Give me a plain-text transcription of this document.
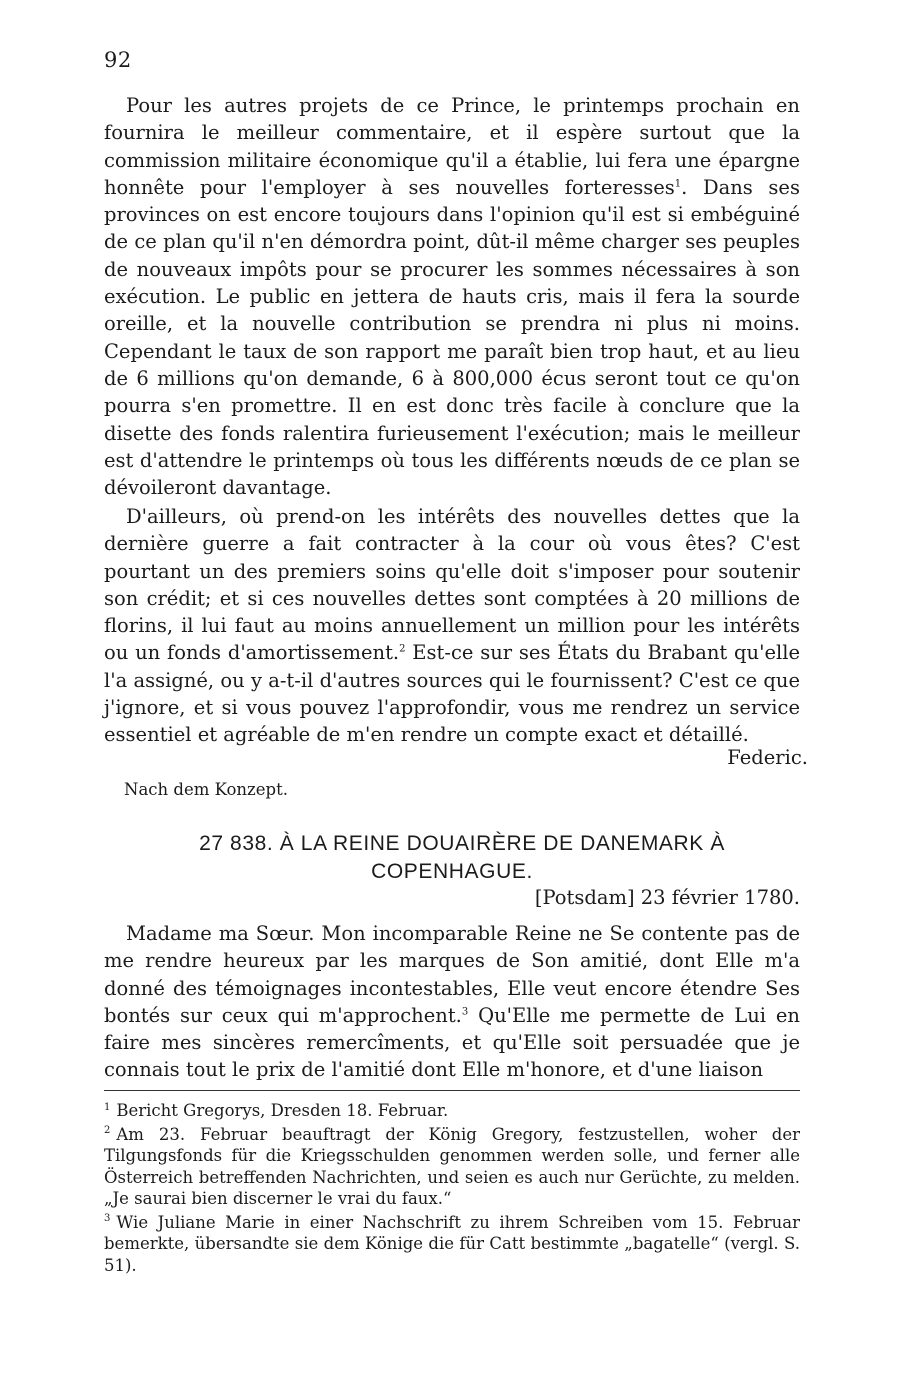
92

Pour les autres projets de ce Prince, le printemps prochain en fournira le meilleur commentaire, et il espère surtout que la commission militaire économique qu'il a établie, lui fera une épargne honnête pour l'employer à ses nouvelles forteresses$^1$. Dans ses provinces on est encore toujours dans l'opinion qu'il est si embéguiné de ce plan qu'il n'en démordra point, dût-il même charger ses peuples de nouveaux impôts pour se procurer les sommes nécessaires à son exécution. Le public en jettera de hauts cris, mais il fera la sourde oreille, et la nouvelle contribution se prendra ni plus ni moins. Cependant le taux de son rapport me paraît bien trop haut, et au lieu de 6 millions qu'on demande, 6 à 800,000 écus seront tout ce qu'on pourra s'en promettre. Il en est donc très facile à conclure que la disette des fonds ralentira furieusement l'exécution; mais le meilleur est d'attendre le printemps où tous les différents nœuds de ce plan se dévoileront davantage.

D'ailleurs, où prend-on les intérêts des nouvelles dettes que la dernière guerre a fait contracter à la cour où vous êtes? C'est pourtant un des premiers soins qu'elle doit s'imposer pour soutenir son crédit; et si ces nouvelles dettes sont comptées à 20 millions de florins, il lui faut au moins annuellement un million pour les intérêts ou un fonds d'amortissement.$^2$ Est-ce sur ses États du Brabant qu'elle l'a assigné, ou y a-t-il d'autres sources qui le fournissent? C'est ce que j'ignore, et si vous pouvez l'approfondir, vous me rendrez un service essentiel et agréable de m'en rendre un compte exact et détaillé.

Federic.
Nach dem Konzept.
27 838. À LA REINE DOUAIRÈRE DE DANEMARK À
COPENHAGUE.
[Potsdam] 23 février 1780.

Madame ma Sœur. Mon incomparable Reine ne Se contente pas de me rendre heureux par les marques de Son amitié, dont Elle m'a donné des témoignages incontestables, Elle veut encore étendre Ses bontés sur ceux qui m'approchent.$^3$ Qu'Elle me permette de Lui en faire mes sincères remercîments, et qu'Elle soit persuadée que je connais tout le prix de l'amitié dont Elle m'honore, et d'une liaison

$^1$ Bericht Gregorys, Dresden 18. Februar.

$^2$ Am 23. Februar beauftragt der König Gregory, festzustellen, woher der Tilgungsfonds für die Kriegsschulden genommen werden solle, und ferner alle Österreich betreffenden Nachrichten, und seien es auch nur Gerüchte, zu melden. „Je saurai bien discerner le vrai du faux.“

$^3$ Wie Juliane Marie in einer Nachschrift zu ihrem Schreiben vom 15. Februar bemerkte, übersandte sie dem Könige die für Catt bestimmte „bagatelle“ (vergl. S. 51).
